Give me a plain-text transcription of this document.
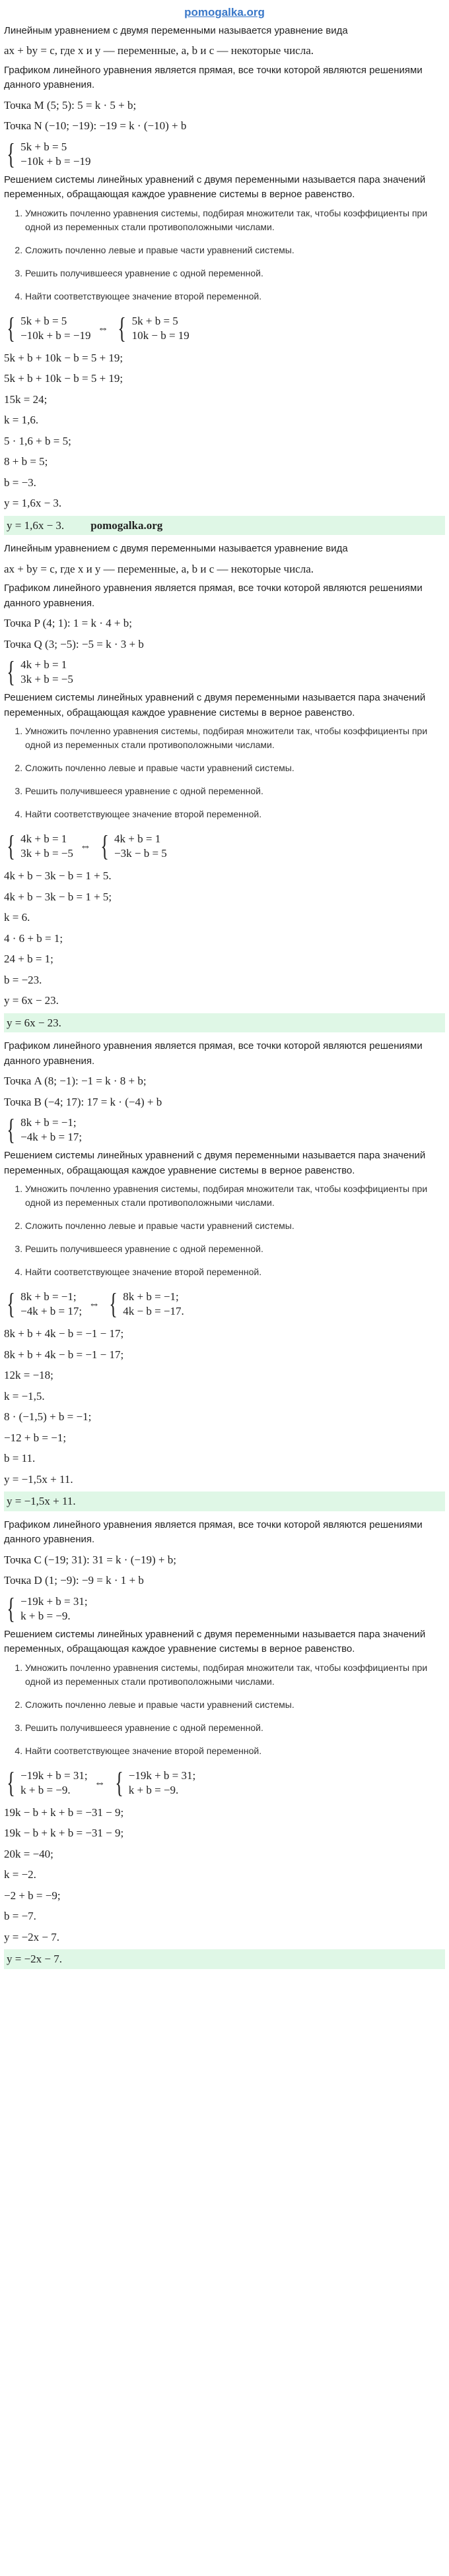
pomogalka.org

Линейным уравнением с двумя переменными называется уравнение вида

ax + by = c, где x и y — переменные, a, b и c — некоторые числа.

Графиком линейного уравнения является прямая, все точки которой являются решениями данного уравнения.

Точка M (5; 5): 5 = k · 5 + b;
Точка N (−10; −19): −19 = k · (−10) + b
{ 5k + b = 5
−10k + b = −19

Решением системы линейных уравнений с двумя переменными называется пара значений переменных, обращающая каждое уравнение системы в верное равенство.

1. Умножить почленно уравнения системы, подбирая множители так, чтобы коэффициенты при одной из переменных стали противоположными числами.
2. Сложить почленно левые и правые части уравнений системы.
3. Решить получившееся уравнение с одной переменной.
4. Найти соответствующее значение второй переменной.
{ 5k + b = 5
−10k + b = −19
⇔ { 5k + b = 5
10k − b = 19
5k + b + 10k − b = 5 + 19;
5k + b + 10k − b = 5 + 19;
15k = 24;
k = 1,6.
5 · 1,6 + b = 5;
8 + b = 5;
b = −3.
y = 1,6x − 3.
y = 1,6x − 3. pomogalka.org

Линейным уравнением с двумя переменными называется уравнение вида

ax + by = c, где x и y — переменные, a, b и c — некоторые числа.

Графиком линейного уравнения является прямая, все точки которой являются решениями данного уравнения.

Точка P (4; 1): 1 = k · 4 + b;
Точка Q (3; −5): −5 = k · 3 + b
{ 4k + b = 1
3k + b = −5

Решением системы линейных уравнений с двумя переменными называется пара значений переменных, обращающая каждое уравнение системы в верное равенство.

1. Умножить почленно уравнения системы, подбирая множители так, чтобы коэффициенты при одной из переменных стали противоположными числами.
2. Сложить почленно левые и правые части уравнений системы.
3. Решить получившееся уравнение с одной переменной.
4. Найти соответствующее значение второй переменной.
{ 4k + b = 1
3k + b = −5
⇔ { 4k + b = 1
−3k − b = 5
4k + b − 3k − b = 1 + 5.
4k + b − 3k − b = 1 + 5;
k = 6.
4 · 6 + b = 1;
24 + b = 1;
b = −23.
y = 6x − 23.
y = 6x − 23.

Графиком линейного уравнения является прямая, все точки которой являются решениями данного уравнения.

Точка A (8; −1): −1 = k · 8 + b;
Точка B (−4; 17): 17 = k · (−4) + b
{ 8k + b = −1;
−4k + b = 17;

Решением системы линейных уравнений с двумя переменными называется пара значений переменных, обращающая каждое уравнение системы в верное равенство.

1. Умножить почленно уравнения системы, подбирая множители так, чтобы коэффициенты при одной из переменных стали противоположными числами.
2. Сложить почленно левые и правые части уравнений системы.
3. Решить получившееся уравнение с одной переменной.
4. Найти соответствующее значение второй переменной.
{ 8k + b = −1;
−4k + b = 17;
⇔ { 8k + b = −1;
4k − b = −17.
8k + b + 4k − b = −1 − 17;
8k + b + 4k − b = −1 − 17;
12k = −18;
k = −1,5.
8 · (−1,5) + b = −1;
−12 + b = −1;
b = 11.
y = −1,5x + 11.
y = −1,5x + 11.

Графиком линейного уравнения является прямая, все точки которой являются решениями данного уравнения.

Точка C (−19; 31): 31 = k · (−19) + b;
Точка D (1; −9): −9 = k · 1 + b
{ −19k + b = 31;
k + b = −9.

Решением системы линейных уравнений с двумя переменными называется пара значений переменных, обращающая каждое уравнение системы в верное равенство.

1. Умножить почленно уравнения системы, подбирая множители так, чтобы коэффициенты при одной из переменных стали противоположными числами.
2. Сложить почленно левые и правые части уравнений системы.
3. Решить получившееся уравнение с одной переменной.
4. Найти соответствующее значение второй переменной.
{ −19k + b = 31;
k + b = −9.
⇔ { −19k + b = 31;
k + b = −9.
19k − b + k + b = −31 − 9;
19k − b + k + b = −31 − 9;
20k = −40;
k = −2.
−2 + b = −9;
b = −7.
y = −2x − 7.
y = −2x − 7.
